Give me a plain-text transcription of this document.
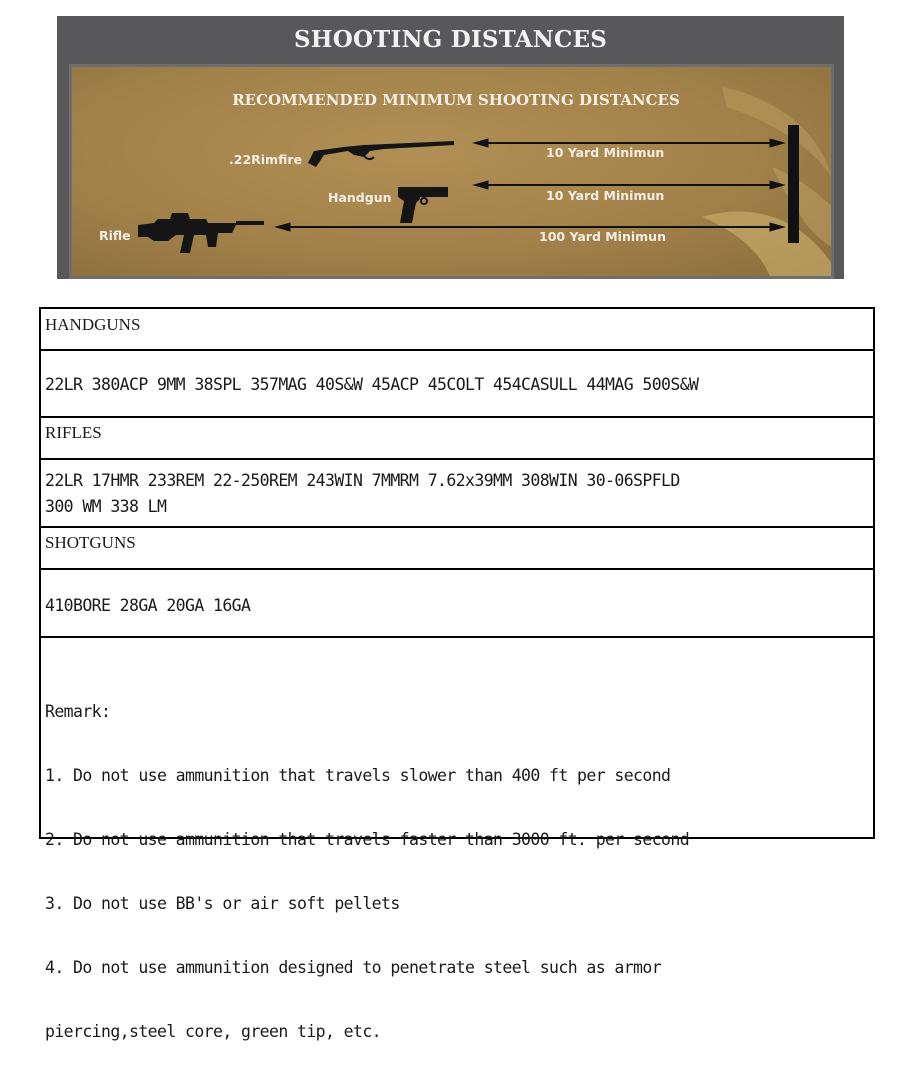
SHOOTING DISTANCES
RECOMMENDED MINIMUM SHOOTING DISTANCES
.22Rimfire	10 Yard Minimun
Handgun	10 Yard Minimun
Rifle	100 Yard Minimun
HANDGUNS
22LR 380ACP 9MM 38SPL 357MAG 40S&W 45ACP 45COLT 454CASULL 44MAG 500S&W
RIFLES
22LR 17HMR 233REM 22-250REM 243WIN 7MMRM 7.62x39MM 308WIN 30-06SPFLD
300 WM 338 LM
SHOTGUNS
410BORE 28GA 20GA 16GA

Remark:

1. Do not use ammunition that travels slower than 400 ft per second

2. Do not use ammunition that travels faster than 3000 ft. per second

3. Do not use BB's or air soft pellets

4. Do not use ammunition designed to penetrate steel such as armor

piercing,steel core, green tip, etc.
